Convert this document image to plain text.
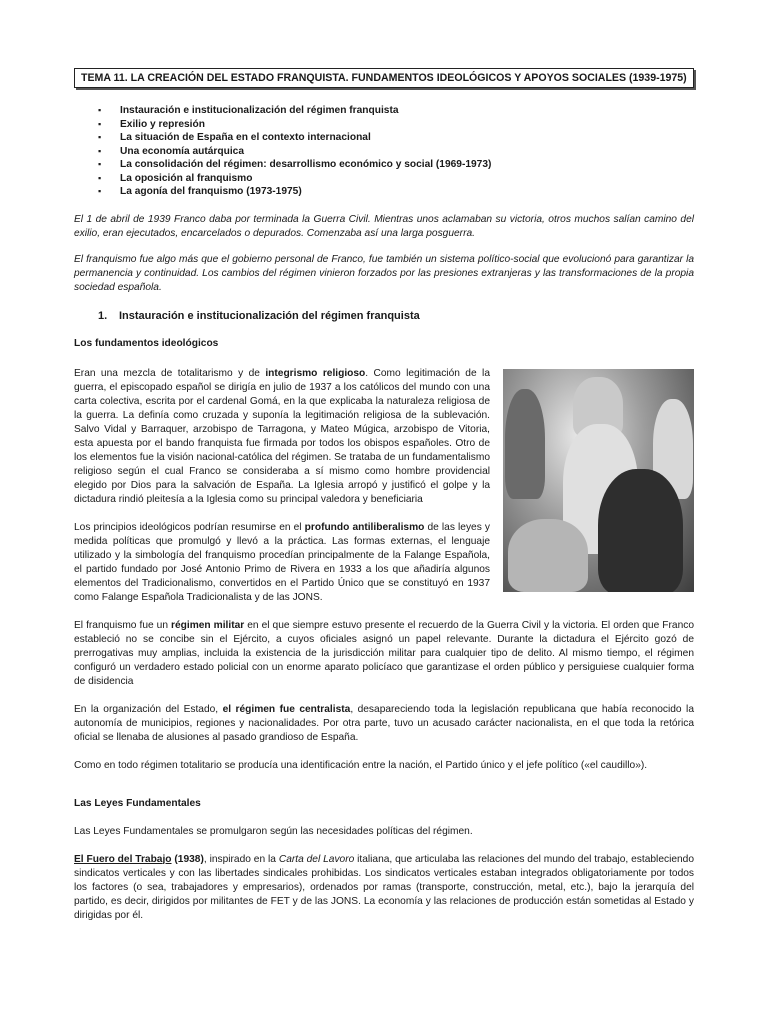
TEMA 11. LA CREACIÓN DEL ESTADO FRANQUISTA. FUNDAMENTOS IDEOLÓGICOS Y APOYOS SOCIALES (1939-1975)
▪ Instauración e institucionalización del régimen franquista
▪ Exilio y represión
▪ La situación de España en el contexto internacional
▪ Una economía autárquica
▪ La consolidación del régimen: desarrollismo económico y social (1969-1973)
▪ La oposición al franquismo
▪ La agonía del franquismo (1973-1975)

El 1 de abril de 1939 Franco daba por terminada la Guerra Civil. Mientras unos aclamaban su victoria, otros muchos salían camino del exilio, eran ejecutados, encarcelados o depurados. Comenzaba así una larga posguerra.

El franquismo fue algo más que el gobierno personal de Franco, fue también un sistema político-social que evolucionó para garantizar la permanencia y continuidad. Los cambios del régimen vinieron forzados por las presiones extranjeras y las transformaciones de la propia sociedad española.

1. Instauración e institucionalización del régimen franquista
Los fundamentos ideológicos

Eran una mezcla de totalitarismo y de integrismo religioso. Como legitimación de la guerra, el episcopado español se dirigía en julio de 1937 a los católicos del mundo con una carta colectiva, escrita por el cardenal Gomá, en la que explicaba la naturaleza religiosa de la guerra. La definía como cruzada y suponía la legitimación religiosa de la sublevación. Salvo Vidal y Barraquer, arzobispo de Tarragona, y Mateo Múgica, arzobispo de Vitoria, esta apuesta por el bando franquista fue firmada por todos los obispos españoles. Otro de los elementos fue la visión nacional-católica del régimen. Se trataba de un fundamentalismo religioso según el cual Franco se consideraba a sí mismo como hombre providencial elegido por Dios para la salvación de España. La Iglesia arropó y justificó el golpe y la dictadura rindió pleitesía a la Iglesia como su principal valedora y beneficiaria

Los principios ideológicos podrían resumirse en el profundo antiliberalismo de las leyes y medida políticas que promulgó y llevó a la práctica. Las formas externas, el lenguaje utilizado y la simbología del franquismo procedían principalmente de la Falange Española, el partido fundado por José Antonio Primo de Rivera en 1933 a los que añadiría algunos elementos del Tradicionalismo, convertidos en el Partido Único que se constituyó en 1937 como Falange Española Tradicionalista y de las JONS.

El franquismo fue un régimen militar en el que siempre estuvo presente el recuerdo de la Guerra Civil y la victoria. El orden que Franco estableció no se concibe sin el Ejército, a cuyos oficiales asignó un papel relevante. Durante la dictadura el Ejército gozó de prerrogativas muy amplias, incluida la existencia de la jurisdicción militar para cualquier tipo de delito. Al mismo tiempo, el régimen configuró un verdadero estado policial con un enorme aparato policíaco que garantizase el orden público y persiguiese cualquier forma de disidencia

En la organización del Estado, el régimen fue centralista, desapareciendo toda la legislación republicana que había reconocido la autonomía de municipios, regiones y nacionalidades. Por otra parte, tuvo un acusado carácter nacionalista, en el que toda la retórica oficial se llenaba de alusiones al pasado grandioso de España.

Como en todo régimen totalitario se producía una identificación entre la nación, el Partido único y el jefe político («el caudillo»).

Las Leyes Fundamentales

Las Leyes Fundamentales se promulgaron según las necesidades políticas del régimen.

El Fuero del Trabajo (1938), inspirado en la Carta del Lavoro italiana, que articulaba las relaciones del mundo del trabajo, estableciendo sindicatos verticales y con las libertades sindicales prohibidas. Los sindicatos verticales estaban integrados obligatoriamente por todos los factores (o sea, trabajadores y empresarios), ordenados por ramas (transporte, construcción, metal, etc.), bajo la jerarquía del partido, es decir, dirigidos por militantes de FET y de las JONS. La economía y las relaciones de producción están sometidas al Estado y dirigidas por él.
